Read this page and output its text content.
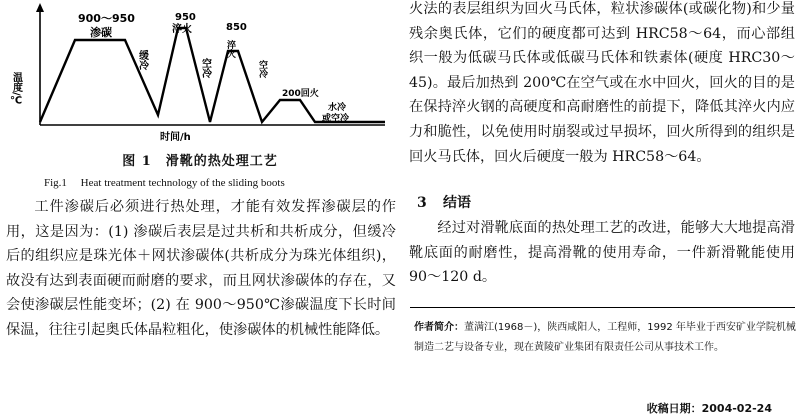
900～950
渗碳
缓冷
950
淬火
空冷
850
淬火
空冷
200回火
水冷
或空冷
温度/℃
时间/h
图 1　滑靴的热处理工艺
Fig.1　 Heat treatment technology of the sliding boots

工件渗碳后必须进行热处理，才能有效发挥渗碳层的作用，这是因为：(1) 渗碳后表层是过共析和共析成分，但缓冷后的组织应是珠光体＋网状渗碳体(共析成分为珠光体组织)，故没有达到表面硬而耐磨的要求，而且网状渗碳体的存在，又会使渗碳层性能变坏；(2) 在 900～950℃渗碳温度下长时间保温，往往引起奥氏体晶粒粗化，使渗碳体的机械性能降低。

火法的表层组织为回火马氏体，粒状渗碳体(或碳化物)和少量残余奥氏体，它们的硬度都可达到 HRC58～64，而心部组织一般为低碳马氏体或低碳马氏体和铁素体(硬度 HRC30～45)。最后加热到 200℃在空气或在水中回火，回火的目的是在保持淬火钢的高硬度和高耐磨性的前提下，降低其淬火内应力和脆性，以免使用时崩裂或过早损坏，回火所得到的组织是回火马氏体，回火后硬度一般为 HRC58～64。

3 结语

经过对滑靴底面的热处理工艺的改进，能够大大地提高滑靴底面的耐磨性，提高滑靴的使用寿命，一件新滑靴能使用 90～120 d。

作者简介：董满江(1968－)，陕西咸阳人，工程师，1992 年毕业于西安矿业学院机械制造二艺与设备专业，现在黄陵矿业集团有限责任公司从事技术工作。
收稿日期：2004-02-24
